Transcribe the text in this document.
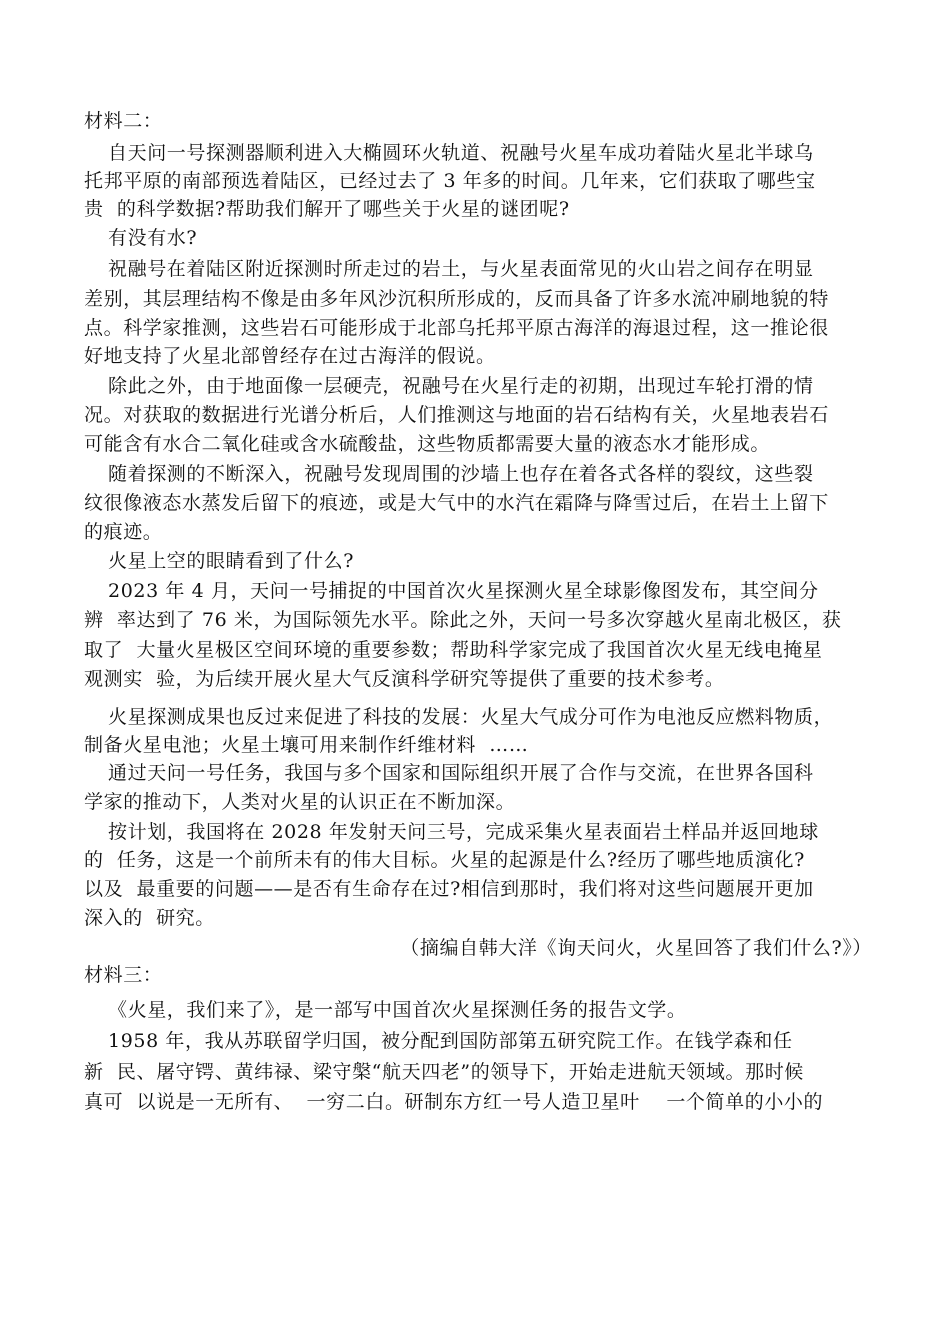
材料二：
自天问一号探测器顺利进入大椭圆环火轨道、祝融号火星车成功着陆火星北半球乌
托邦平原的南部预选着陆区，已经过去了 3 年多的时间。几年来，它们获取了哪些宝
贵  的科学数据?帮助我们解开了哪些关于火星的谜团呢?
有没有水?
祝融号在着陆区附近探测时所走过的岩土，与火星表面常见的火山岩之间存在明显
差别，其层理结构不像是由多年风沙沉积所形成的，反而具备了许多水流冲刷地貌的特
点。科学家推测，这些岩石可能形成于北部乌托邦平原古海洋的海退过程，这一推论很
好地支持了火星北部曾经存在过古海洋的假说。
除此之外，由于地面像一层硬壳，祝融号在火星行走的初期，出现过车轮打滑的情
况。对获取的数据进行光谱分析后，人们推测这与地面的岩石结构有关，火星地表岩石
可能含有水合二氧化硅或含水硫酸盐，这些物质都需要大量的液态水才能形成。
随着探测的不断深入，祝融号发现周围的沙墙上也存在着各式各样的裂纹，这些裂
纹很像液态水蒸发后留下的痕迹，或是大气中的水汽在霜降与降雪过后，在岩土上留下
的痕迹。
火星上空的眼睛看到了什么?
2023 年 4 月，天问一号捕捉的中国首次火星探测火星全球影像图发布，其空间分
辨  率达到了 76 米，为国际领先水平。除此之外，天问一号多次穿越火星南北极区，获
取了  大量火星极区空间环境的重要参数；帮助科学家完成了我国首次火星无线电掩星
观测实  验，为后续开展火星大气反演科学研究等提供了重要的技术参考。
火星探测成果也反过来促进了科技的发展：火星大气成分可作为电池反应燃料物质，
制备火星电池；火星土壤可用来制作纤维材料  ……
通过天问一号任务，我国与多个国家和国际组织开展了合作与交流，在世界各国科
学家的推动下，人类对火星的认识正在不断加深。
按计划，我国将在 2028 年发射天问三号，完成采集火星表面岩土样品并返回地球
的  任务，这是一个前所未有的伟大目标。火星的起源是什么?经历了哪些地质演化?
以及  最重要的问题——是否有生命存在过?相信到那时，我们将对这些问题展开更加
深入的  研究。
（摘编自韩大洋《询天问火，火星回答了我们什么?》）
材料三：
《火星，我们来了》，是一部写中国首次火星探测任务的报告文学。
1958 年，我从苏联留学归国，被分配到国防部第五研究院工作。在钱学森和任
新  民、屠守锷、黄纬禄、梁守槃“航天四老”的领导下，开始走进航天领域。那时候
真可  以说是一无所有、  一穷二白。研制东方红一号人造卫星叶    一个简单的小小的
